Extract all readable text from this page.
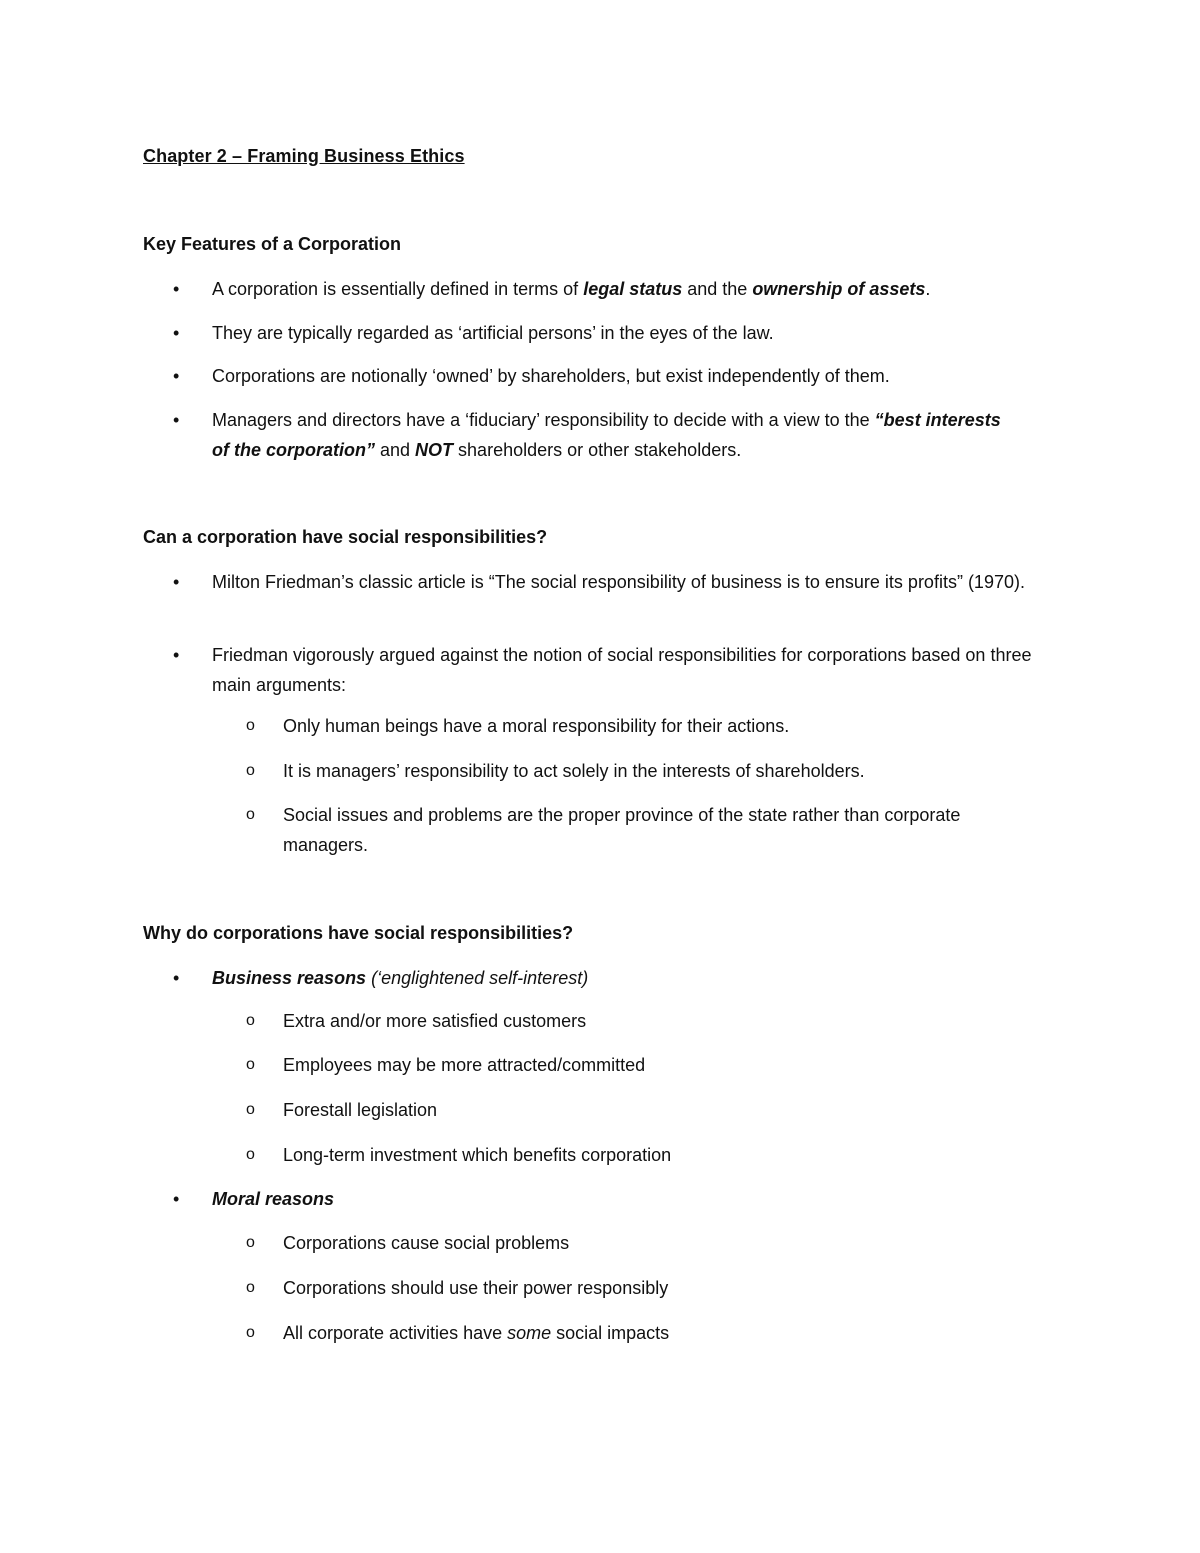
Chapter 2 – Framing Business Ethics
Key Features of a Corporation
•	A corporation is essentially defined in terms of legal status and the ownership of assets.
•	They are typically regarded as ‘artificial persons’ in the eyes of the law.
•	Corporations are notionally ‘owned’ by shareholders, but exist independently of them.
•	Managers and directors have a ‘fiduciary’ responsibility to decide with a view to the “best interests of the corporation” and NOT shareholders or other stakeholders.
Can a corporation have social responsibilities?
•	Milton Friedman’s classic article is “The social responsibility of business is to ensure its profits” (1970).
•	Friedman vigorously argued against the notion of social responsibilities for corporations based on three main arguments:
o Only human beings have a moral responsibility for their actions.
o It is managers’ responsibility to act solely in the interests of shareholders.
o Social issues and problems are the proper province of the state rather than corporate managers.
Why do corporations have social responsibilities?
•	Business reasons (‘englightened self-interest)
o Extra and/or more satisfied customers
o Employees may be more attracted/committed
o Forestall legislation
o Long-term investment which benefits corporation
•	Moral reasons
o Corporations cause social problems
o Corporations should use their power responsibly
o All corporate activities have some social impacts
